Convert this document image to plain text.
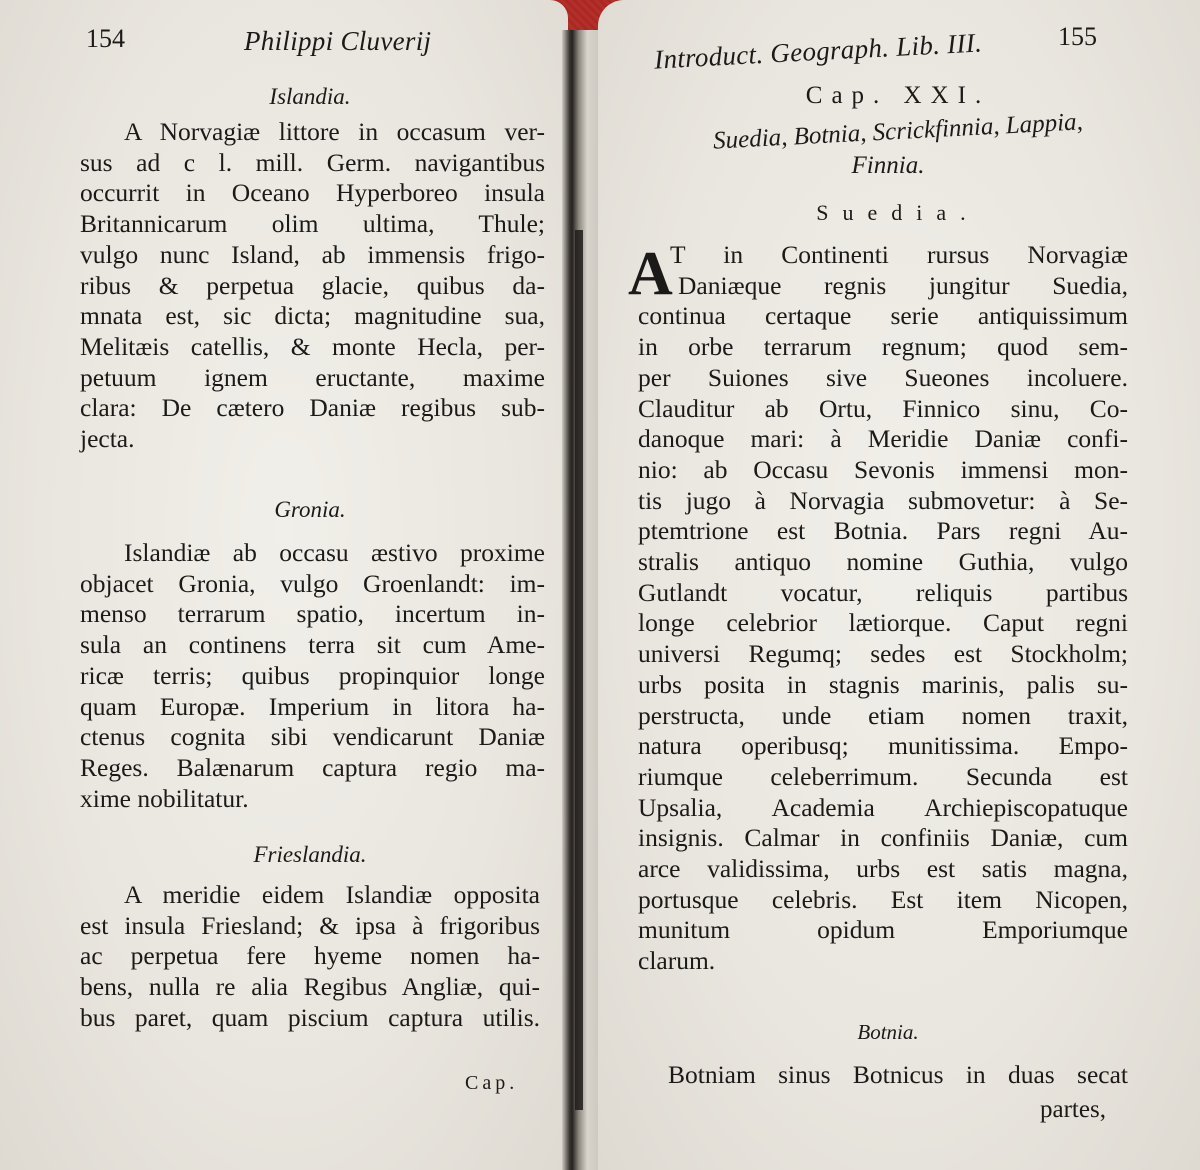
154	Philippi Cluverij
Islandia.
A Norvagiæ littore in occasum ver-
sus ad c l. mill. Germ. navigantibus
occurrit in Oceano Hyperboreo insula
Britannicarum olim ultima, Thule;
vulgo nunc Island, ab immensis frigo-
ribus & perpetua glacie, quibus da-
mnata est, sic dicta; magnitudine sua,
Melitæis catellis, & monte Hecla, per-
petuum ignem eructante, maxime
clara: De cætero Daniæ regibus sub-
jecta.
Gronia.
Islandiæ ab occasu æstivo proxime
objacet Gronia, vulgo Groenlandt: im-
menso terrarum spatio, incertum in-
sula an continens terra sit cum Ame-
ricæ terris; quibus propinquior longe
quam Europæ. Imperium in litora ha-
ctenus cognita sibi vendicarunt Daniæ
Reges. Balænarum captura regio ma-
xime nobilitatur.
Frieslandia.
A meridie eidem Islandiæ opposita
est insula Friesland; & ipsa à frigoribus
ac perpetua fere hyeme nomen ha-
bens, nulla re alia Regibus Angliæ, qui-
bus paret, quam piscium captura utilis.
Cap.
Introduct. Geograph. Lib. III.	155
Cap. XXI.
Suedia, Botnia, Scrickfinnia, Lappia,
Finnia.
Suedia.
A
T in Continenti rursus Norvagiæ
Daniæque regnis jungitur Suedia,
continua certaque serie antiquissimum
in orbe terrarum regnum; quod sem-
per Suiones sive Sueones incoluere.
Clauditur ab Ortu, Finnico sinu, Co-
danoque mari: à Meridie Daniæ confi-
nio: ab Occasu Sevonis immensi mon-
tis jugo à Norvagia submovetur: à Se-
ptemtrione est Botnia. Pars regni Au-
stralis antiquo nomine Guthia, vulgo
Gutlandt vocatur, reliquis partibus
longe celebrior lætiorque. Caput regni
universi Regumq; sedes est Stockholm;
urbs posita in stagnis marinis, palis su-
perstructa, unde etiam nomen traxit,
natura operibusq; munitissima. Empo-
riumque celeberrimum. Secunda est
Upsalia, Academia Archiepiscopatuque
insignis. Calmar in confiniis Daniæ, cum
arce validissima, urbs est satis magna,
portusque celebris. Est item Nicopen,
munitum opidum Emporiumque
clarum.
Botnia.
Botniam sinus Botnicus in duas secat
partes,
